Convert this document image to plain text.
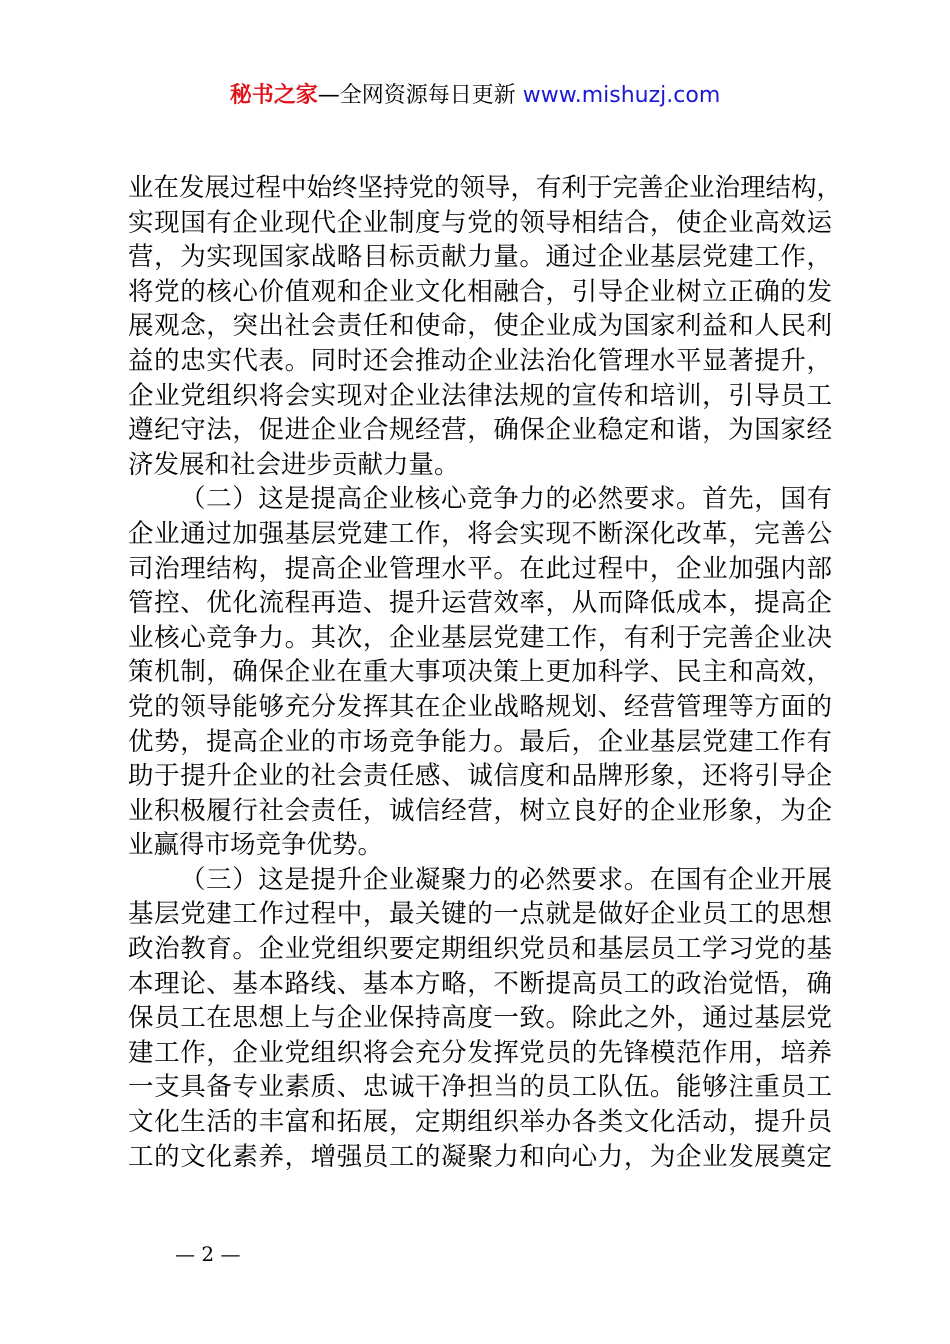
秘书之家—全网资源每日更新 www.mishuzj.com
业在发展过程中始终坚持党的领导，有利于完善企业治理结构，
实现国有企业现代企业制度与党的领导相结合，使企业高效运
营，为实现国家战略目标贡献力量。通过企业基层党建工作，
将党的核心价值观和企业文化相融合，引导企业树立正确的发
展观念，突出社会责任和使命，使企业成为国家利益和人民利
益的忠实代表。同时还会推动企业法治化管理水平显著提升，
企业党组织将会实现对企业法律法规的宣传和培训，引导员工
遵纪守法，促进企业合规经营，确保企业稳定和谐，为国家经
济发展和社会进步贡献力量。
（二）这是提高企业核心竞争力的必然要求。首先，国有
企业通过加强基层党建工作，将会实现不断深化改革，完善公
司治理结构，提高企业管理水平。在此过程中，企业加强内部
管控、优化流程再造、提升运营效率，从而降低成本，提高企
业核心竞争力。其次，企业基层党建工作，有利于完善企业决
策机制，确保企业在重大事项决策上更加科学、民主和高效，
党的领导能够充分发挥其在企业战略规划、经营管理等方面的
优势，提高企业的市场竞争能力。最后，企业基层党建工作有
助于提升企业的社会责任感、诚信度和品牌形象，还将引导企
业积极履行社会责任，诚信经营，树立良好的企业形象，为企
业赢得市场竞争优势。
（三）这是提升企业凝聚力的必然要求。在国有企业开展
基层党建工作过程中，最关键的一点就是做好企业员工的思想
政治教育。企业党组织要定期组织党员和基层员工学习党的基
本理论、基本路线、基本方略，不断提高员工的政治觉悟，确
保员工在思想上与企业保持高度一致。除此之外，通过基层党
建工作，企业党组织将会充分发挥党员的先锋模范作用，培养
一支具备专业素质、忠诚干净担当的员工队伍。能够注重员工
文化生活的丰富和拓展，定期组织举办各类文化活动，提升员
工的文化素养，增强员工的凝聚力和向心力，为企业发展奠定
— 2 —
